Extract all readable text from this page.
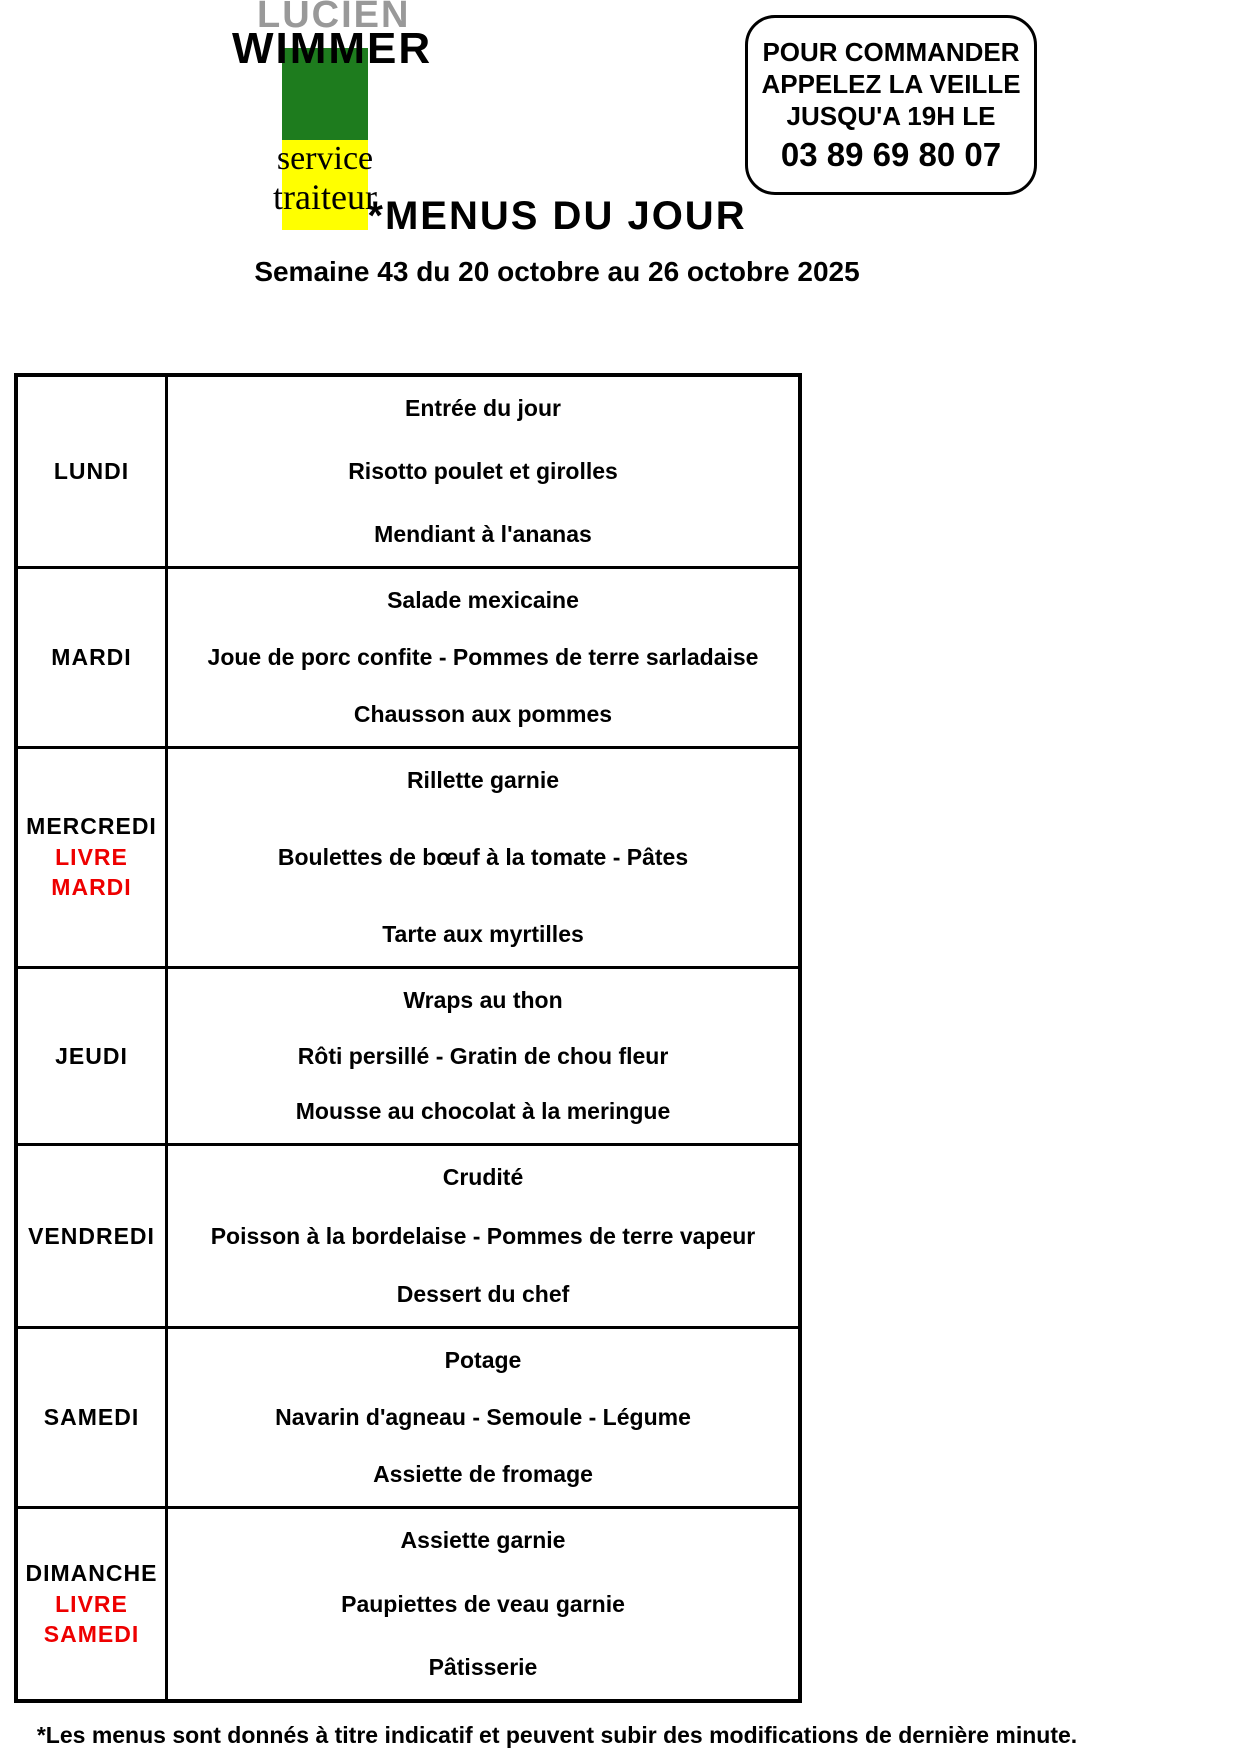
LUCIEN
WIMMER
service
traiteur
POUR COMMANDER
APPELEZ LA VEILLE
JUSQU'A 19H LE
03 89 69 80 07
*MENUS DU JOUR
Semaine 43 du 20 octobre au 26 octobre 2025
LUNDI
Entrée du jour
Risotto poulet et girolles
Mendiant à l'ananas
MARDI
Salade mexicaine
Joue de porc confite - Pommes de terre sarladaise
Chausson aux pommes
MERCREDI
LIVRE MARDI
Rillette garnie
Boulettes de bœuf à la tomate - Pâtes
Tarte aux myrtilles
JEUDI
Wraps au thon
Rôti persillé - Gratin de chou fleur
Mousse au chocolat à la meringue
VENDREDI
Crudité
Poisson à la bordelaise - Pommes de terre vapeur
Dessert du chef
SAMEDI
Potage
Navarin d'agneau - Semoule - Légume
Assiette de fromage
DIMANCHE
LIVRE SAMEDI
Assiette garnie
Paupiettes de veau garnie
Pâtisserie
*Les menus sont donnés à titre indicatif et peuvent subir des modifications de dernière minute.
